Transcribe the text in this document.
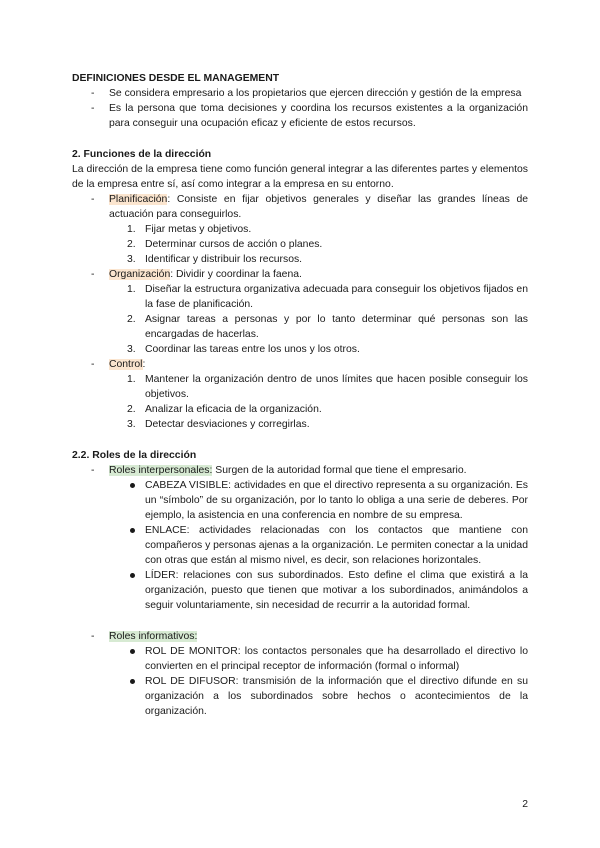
DEFINICIONES DESDE EL MANAGEMENT

- Se considera empresario a los propietarios que ejercen dirección y gestión de la empresa
- Es la persona que toma decisiones y coordina los recursos existentes a la organización para conseguir una ocupación eficaz y eficiente de estos recursos.

2. Funciones de la dirección

La dirección de la empresa tiene como función general integrar a las diferentes partes y elementos de la empresa entre sí, así como integrar a la empresa en su entorno.

- Planificación: Consiste en fijar objetivos generales y diseñar las grandes líneas de actuación para conseguirlos.
1. Fijar metas y objetivos.
2. Determinar cursos de acción o planes.
3. Identificar y distribuir los recursos.
- Organización: Dividir y coordinar la faena.
1. Diseñar la estructura organizativa adecuada para conseguir los objetivos fijados en la fase de planificación.
2. Asignar tareas a personas y por lo tanto determinar qué personas son las encargadas de hacerlas.
3. Coordinar las tareas entre los unos y los otros.
- Control:
1. Mantener la organización dentro de unos límites que hacen posible conseguir los objetivos.
2. Analizar la eficacia de la organización.
3. Detectar desviaciones y corregirlas.

2.2. Roles de la dirección

- Roles interpersonales: Surgen de la autoridad formal que tiene el empresario.
CABEZA VISIBLE: actividades en que el directivo representa a su organización. Es un “símbolo” de su organización, por lo tanto lo obliga a una serie de deberes. Por ejemplo, la asistencia en una conferencia en nombre de su empresa.
ENLACE: actividades relacionadas con los contactos que mantiene con compañeros y personas ajenas a la organización. Le permiten conectar a la unidad con otras que están al mismo nivel, es decir, son relaciones horizontales.
LÍDER: relaciones con sus subordinados. Esto define el clima que existirá a la organización, puesto que tienen que motivar a los subordinados, animándolos a seguir voluntariamente, sin necesidad de recurrir a la autoridad formal.
- Roles informativos:
ROL DE MONITOR: los contactos personales que ha desarrollado el directivo lo convierten en el principal receptor de información (formal o informal)
ROL DE DIFUSOR: transmisión de la información que el directivo difunde en su organización a los subordinados sobre hechos o acontecimientos de la organización.
2
